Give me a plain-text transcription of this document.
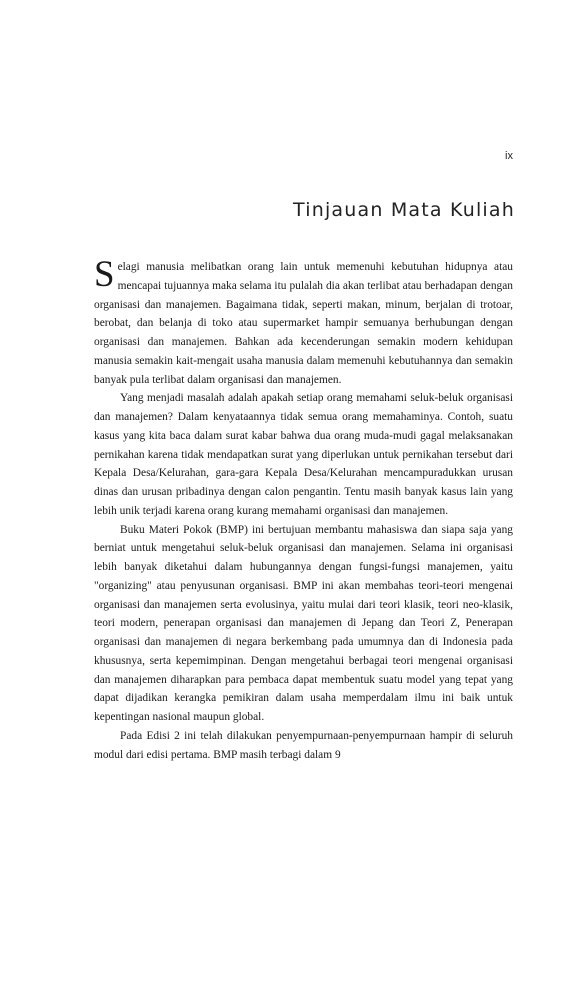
ix
Tinjauan Mata Kuliah

Selagi manusia melibatkan orang lain untuk memenuhi kebutuhan hidupnya atau mencapai tujuannya maka selama itu pulalah dia akan terlibat atau berhadapan dengan organisasi dan manajemen. Bagaimana tidak, seperti makan, minum, berjalan di trotoar, berobat, dan belanja di toko atau supermarket hampir semuanya berhubungan dengan organisasi dan manajemen. Bahkan ada kecenderungan semakin modern kehidupan manusia semakin kait-mengait usaha manusia dalam memenuhi kebutuhannya dan semakin banyak pula terlibat dalam organisasi dan manajemen.

Yang menjadi masalah adalah apakah setiap orang memahami seluk-beluk organisasi dan manajemen? Dalam kenyataannya tidak semua orang memahaminya. Contoh, suatu kasus yang kita baca dalam surat kabar bahwa dua orang muda-mudi gagal melaksanakan pernikahan karena tidak mendapatkan surat yang diperlukan untuk pernikahan tersebut dari Kepala Desa/Kelurahan, gara-gara Kepala Desa/Kelurahan mencampuradukkan urusan dinas dan urusan pribadinya dengan calon pengantin. Tentu masih banyak kasus lain yang lebih unik terjadi karena orang kurang memahami organisasi dan manajemen.

Buku Materi Pokok (BMP) ini bertujuan membantu mahasiswa dan siapa saja yang berniat untuk mengetahui seluk-beluk organisasi dan manajemen. Selama ini organisasi lebih banyak diketahui dalam hubungannya dengan fungsi-fungsi manajemen, yaitu "organizing" atau penyusunan organisasi. BMP ini akan membahas teori-teori mengenai organisasi dan manajemen serta evolusinya, yaitu mulai dari teori klasik, teori neo-klasik, teori modern, penerapan organisasi dan manajemen di Jepang dan Teori Z, Penerapan organisasi dan manajemen di negara berkembang pada umumnya dan di Indonesia pada khususnya, serta kepemimpinan. Dengan mengetahui berbagai teori mengenai organisasi dan manajemen diharapkan para pembaca dapat membentuk suatu model yang tepat yang dapat dijadikan kerangka pemikiran dalam usaha memperdalam ilmu ini baik untuk kepentingan nasional maupun global.

Pada Edisi 2 ini telah dilakukan penyempurnaan-penyempurnaan hampir di seluruh modul dari edisi pertama. BMP masih terbagi dalam 9
